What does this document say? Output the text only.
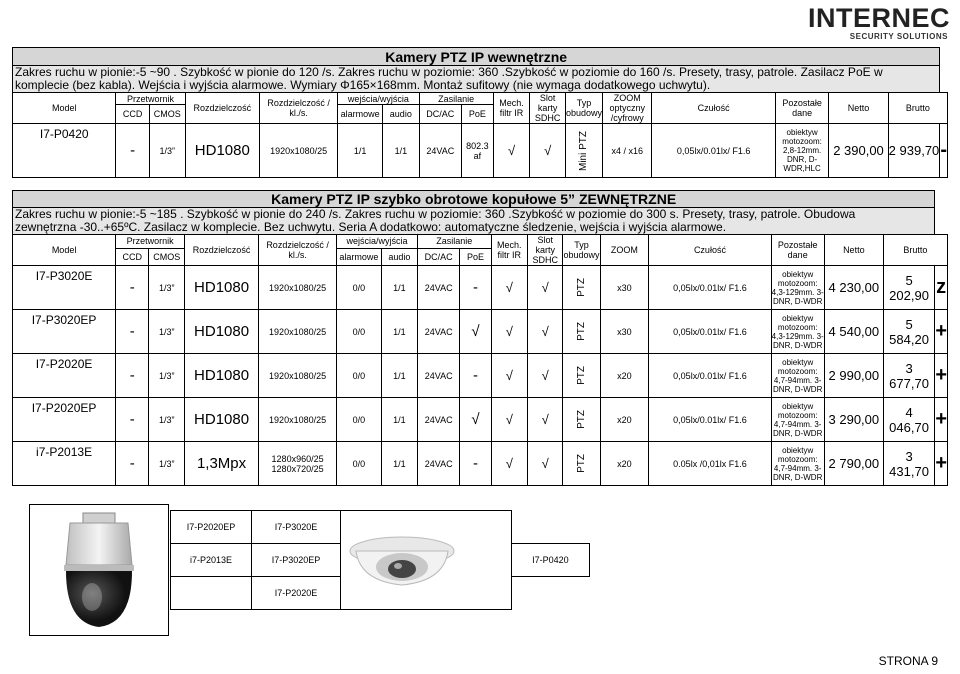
INTERNEC
SECURITY SOLUTIONS
Kamery PTZ IP wewnętrzne																	

Zakres ruchu w pionie:-5 ~90 . Szybkość w pionie do 120 /s. Zakres ruchu w poziomie: 360 .Szybkość w poziomie do 160 /s. Presety, trasy, patrole. Zasilacz PoE w
komplecie (bez kabla). Wejścia i wyjścia alarmowe. Wymiary Φ165×168mm. Montaż sufitowy (nie wymaga dodatkowego uchwytu).																	

Model	Przetwornik		Rozdzielczość	Rozdzielczość / kl./s.	wejścia/wyjścia		Zasilanie		Mech. filtr IR	Slot karty SDHC	Typ obudowy	ZOOM optyczny /cyfrowy	Czułość	Pozostałe dane	Netto	Brutto	
	CCD	CMOS			alarmowe	audio	DC/AC	PoE									
I7-P0420	-	1/3”	HD1080	1920x1080/25	1/1	1/1	24VAC	802.3 af	√	√	Mini PTZ	x4 / x16	0,05lx/0.01lx/ F1.6	obiektyw motozoom: 2,8-12mm. DNR, D-WDR,HLC	2 390,00	2 939,70	-
Kamery PTZ IP szybko obrotowe kopułowe 5” ZEWNĘTRZNE																	

Zakres ruchu w pionie:-5 ~185 . Szybkość w pionie do 240 /s. Zakres ruchu w poziomie: 360 .Szybkość w poziomie do 300 s. Presety, trasy, patrole. Obudowa
zewnętrzna -30..+65ºC. Zasilacz w komplecie. Bez uchwytu. Seria A dodatkowo: automatyczne śledzenie, wejścia i wyjścia alarmowe.																	

Model	Przetwornik		Rozdzielczość	Rozdzielczość / kl./s.	wejścia/wyjścia		Zasilanie		Mech. filtr IR	Slot karty SDHC	Typ obudowy	ZOOM	Czułość	Pozostałe dane	Netto	Brutto	
	CCD	CMOS			alarmowe	audio	DC/AC	PoE									
I7-P3020E	-	1/3”	HD1080	1920x1080/25	0/0	1/1	24VAC	-	√	√	PTZ	x30	0,05lx/0.01lx/ F1.6	obiektyw motozoom: 4,3-129mm. 3-DNR, D-WDR	4 230,00	5 202,90	z
I7-P3020EP	-	1/3”	HD1080	1920x1080/25	0/0	1/1	24VAC	√	√	√	PTZ	x30	0,05lx/0.01lx/ F1.6	obiektyw motozoom: 4,3-129mm. 3-DNR, D-WDR	4 540,00	5 584,20	+
I7-P2020E	-	1/3”	HD1080	1920x1080/25	0/0	1/1	24VAC	-	√	√	PTZ	x20	0,05lx/0.01lx/ F1.6	obiektyw motozoom: 4,7-94mm. 3-DNR, D-WDR	2 990,00	3 677,70	+
I7-P2020EP	-	1/3”	HD1080	1920x1080/25	0/0	1/1	24VAC	√	√	√	PTZ	x20	0,05lx/0.01lx/ F1.6	obiektyw motozoom: 4,7-94mm. 3-DNR, D-WDR	3 290,00	4 046,70	+
i7-P2013E	-	1/3”	1,3Mpx	1280x960/25 1280x720/25	0/0	1/1	24VAC	-	√	√	PTZ	x20	0.05lx /0,01lx F1.6	obiektyw motozoom: 4,7-94mm. 3-DNR, D-WDR	2 790,00	3 431,70	+
I7-P2020EP	I7-P3020E		
i7-P2013E	I7-P3020EP		I7-P0420
	I7-P2020E		
STRONA 9
